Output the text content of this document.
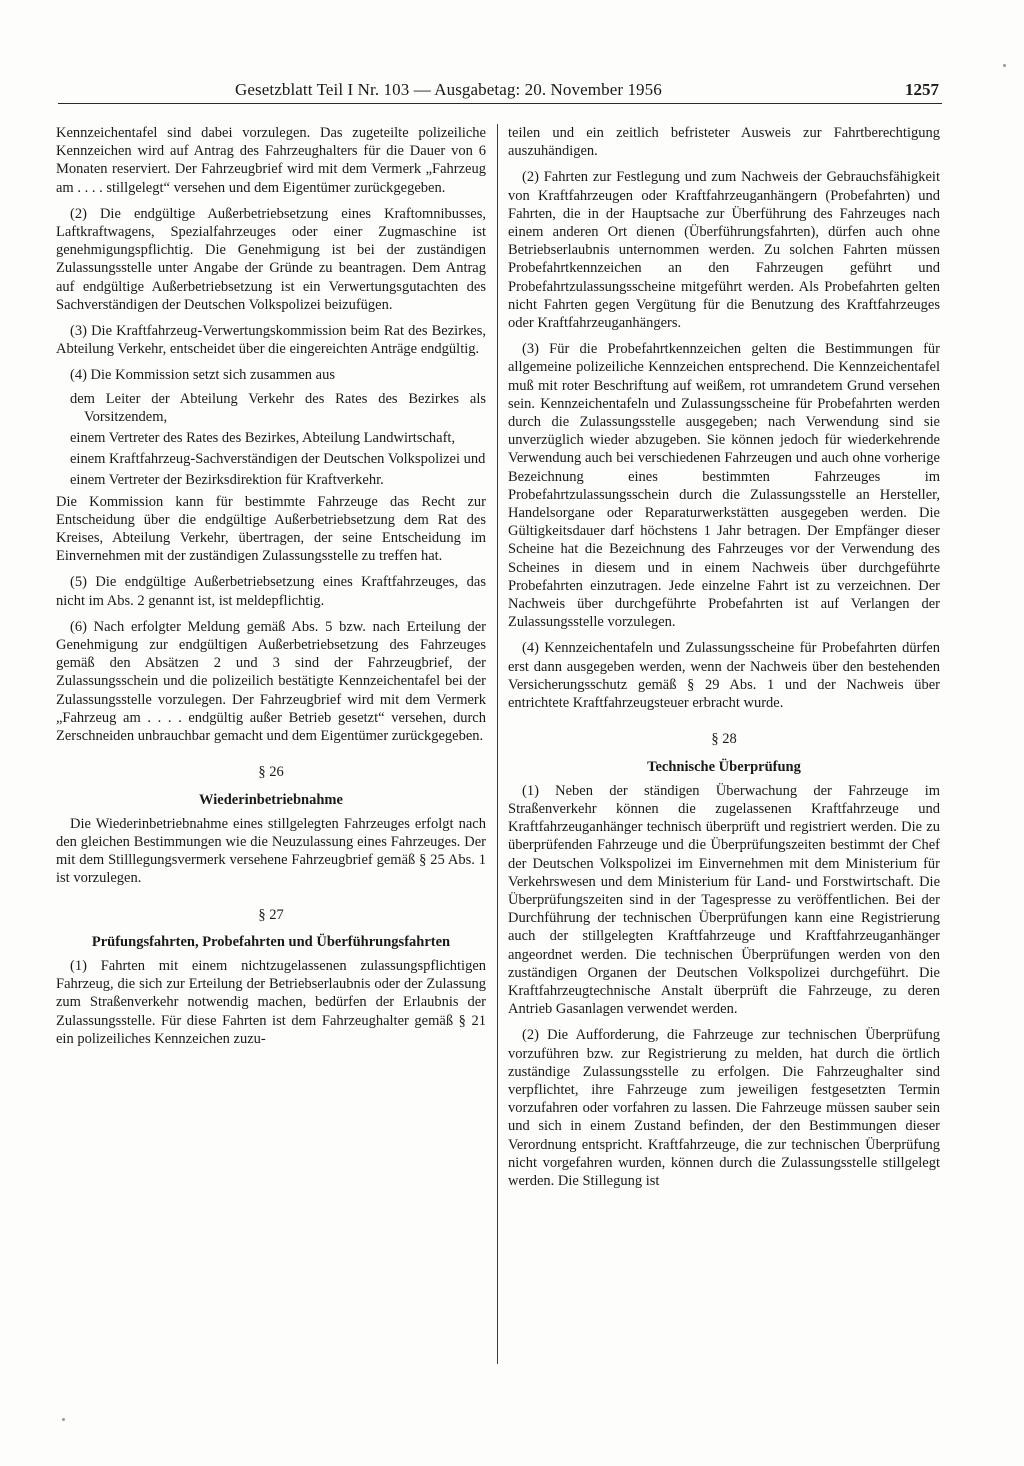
Gesetzblatt Teil I Nr. 103 — Ausgabetag: 20. November 1956	1257

Kennzeichentafel sind dabei vorzulegen. Das zugeteilte polizeiliche Kennzeichen wird auf Antrag des Fahrzeughalters für die Dauer von 6 Monaten reserviert. Der Fahrzeugbrief wird mit dem Vermerk „Fahrzeug am . . . . stillgelegt“ versehen und dem Eigentümer zurückgegeben.

(2) Die endgültige Außerbetriebsetzung eines Kraftomnibusses, Laftkraftwagens, Spezialfahrzeuges oder einer Zugmaschine ist genehmigungspflichtig. Die Genehmigung ist bei der zuständigen Zulassungsstelle unter Angabe der Gründe zu beantragen. Dem Antrag auf endgültige Außerbetriebsetzung ist ein Verwertungsgutachten des Sachverständigen der Deutschen Volkspolizei beizufügen.

(3) Die Kraftfahrzeug-Verwertungskommission beim Rat des Bezirkes, Abteilung Verkehr, entscheidet über die eingereichten Anträge endgültig.

(4) Die Kommission setzt sich zusammen aus

dem Leiter der Abteilung Verkehr des Rates des Bezirkes als Vorsitzendem,

einem Vertreter des Rates des Bezirkes, Abteilung Landwirtschaft,

einem Kraftfahrzeug-Sachverständigen der Deutschen Volkspolizei und

einem Vertreter der Bezirksdirektion für Kraftverkehr.

Die Kommission kann für bestimmte Fahrzeuge das Recht zur Entscheidung über die endgültige Außerbetriebsetzung dem Rat des Kreises, Abteilung Verkehr, übertragen, der seine Entscheidung im Einvernehmen mit der zuständigen Zulassungsstelle zu treffen hat.

(5) Die endgültige Außerbetriebsetzung eines Kraftfahrzeuges, das nicht im Abs. 2 genannt ist, ist meldepflichtig.

(6) Nach erfolgter Meldung gemäß Abs. 5 bzw. nach Erteilung der Genehmigung zur endgültigen Außerbetriebsetzung des Fahrzeuges gemäß den Absätzen 2 und 3 sind der Fahrzeugbrief, der Zulassungsschein und die polizeilich bestätigte Kennzeichentafel bei der Zulassungsstelle vorzulegen. Der Fahrzeugbrief wird mit dem Vermerk „Fahrzeug am . . . . endgültig außer Betrieb gesetzt“ versehen, durch Zerschneiden unbrauchbar gemacht und dem Eigentümer zurückgegeben.

§ 26

Wiederinbetriebnahme

Die Wiederinbetriebnahme eines stillgelegten Fahrzeuges erfolgt nach den gleichen Bestimmungen wie die Neuzulassung eines Fahrzeuges. Der mit dem Stilllegungsvermerk versehene Fahrzeugbrief gemäß § 25 Abs. 1 ist vorzulegen.

§ 27

Prüfungsfahrten, Probefahrten und Überführungsfahrten

(1) Fahrten mit einem nichtzugelassenen zulassungspflichtigen Fahrzeug, die sich zur Erteilung der Betriebserlaubnis oder der Zulassung zum Straßenverkehr notwendig machen, bedürfen der Erlaubnis der Zulassungsstelle. Für diese Fahrten ist dem Fahrzeughalter gemäß § 21 ein polizeiliches Kennzeichen zuzu-

teilen und ein zeitlich befristeter Ausweis zur Fahrtberechtigung auszuhändigen.

(2) Fahrten zur Festlegung und zum Nachweis der Gebrauchsfähigkeit von Kraftfahrzeugen oder Kraftfahrzeuganhängern (Probefahrten) und Fahrten, die in der Hauptsache zur Überführung des Fahrzeuges nach einem anderen Ort dienen (Überführungsfahrten), dürfen auch ohne Betriebserlaubnis unternommen werden. Zu solchen Fahrten müssen Probefahrtkennzeichen an den Fahrzeugen geführt und Probefahrtzulassungsscheine mitgeführt werden. Als Probefahrten gelten nicht Fahrten gegen Vergütung für die Benutzung des Kraftfahrzeuges oder Kraftfahrzeuganhängers.

(3) Für die Probefahrtkennzeichen gelten die Bestimmungen für allgemeine polizeiliche Kennzeichen entsprechend. Die Kennzeichentafel muß mit roter Beschriftung auf weißem, rot umrandetem Grund versehen sein. Kennzeichentafeln und Zulassungsscheine für Probefahrten werden durch die Zulassungsstelle ausgegeben; nach Verwendung sind sie unverzüglich wieder abzugeben. Sie können jedoch für wiederkehrende Verwendung auch bei verschiedenen Fahrzeugen und auch ohne vorherige Bezeichnung eines bestimmten Fahrzeuges im Probefahrtzulassungsschein durch die Zulassungsstelle an Hersteller, Handelsorgane oder Reparaturwerkstätten ausgegeben werden. Die Gültigkeitsdauer darf höchstens 1 Jahr betragen. Der Empfänger dieser Scheine hat die Bezeichnung des Fahrzeuges vor der Verwendung des Scheines in diesem und in einem Nachweis über durchgeführte Probefahrten einzutragen. Jede einzelne Fahrt ist zu verzeichnen. Der Nachweis über durchgeführte Probefahrten ist auf Verlangen der Zulassungsstelle vorzulegen.

(4) Kennzeichentafeln und Zulassungsscheine für Probefahrten dürfen erst dann ausgegeben werden, wenn der Nachweis über den bestehenden Versicherungsschutz gemäß § 29 Abs. 1 und der Nachweis über entrichtete Kraftfahrzeugsteuer erbracht wurde.

§ 28

Technische Überprüfung

(1) Neben der ständigen Überwachung der Fahrzeuge im Straßenverkehr können die zugelassenen Kraftfahrzeuge und Kraftfahrzeuganhänger technisch überprüft und registriert werden. Die zu überprüfenden Fahrzeuge und die Überprüfungszeiten bestimmt der Chef der Deutschen Volkspolizei im Einvernehmen mit dem Ministerium für Verkehrswesen und dem Ministerium für Land- und Forstwirtschaft. Die Überprüfungszeiten sind in der Tagespresse zu veröffentlichen. Bei der Durchführung der technischen Überprüfungen kann eine Registrierung auch der stillgelegten Kraftfahrzeuge und Kraftfahrzeuganhänger angeordnet werden. Die technischen Überprüfungen werden von den zuständigen Organen der Deutschen Volkspolizei durchgeführt. Die Kraftfahrzeugtechnische Anstalt überprüft die Fahrzeuge, zu deren Antrieb Gasanlagen verwendet werden.

(2) Die Aufforderung, die Fahrzeuge zur technischen Überprüfung vorzuführen bzw. zur Registrierung zu melden, hat durch die örtlich zuständige Zulassungsstelle zu erfolgen. Die Fahrzeughalter sind verpflichtet, ihre Fahrzeuge zum jeweiligen festgesetzten Termin vorzufahren oder vorfahren zu lassen. Die Fahrzeuge müssen sauber sein und sich in einem Zustand befinden, der den Bestimmungen dieser Verordnung entspricht. Kraftfahrzeuge, die zur technischen Überprüfung nicht vorgefahren wurden, können durch die Zulassungsstelle stillgelegt werden. Die Stillegung ist
